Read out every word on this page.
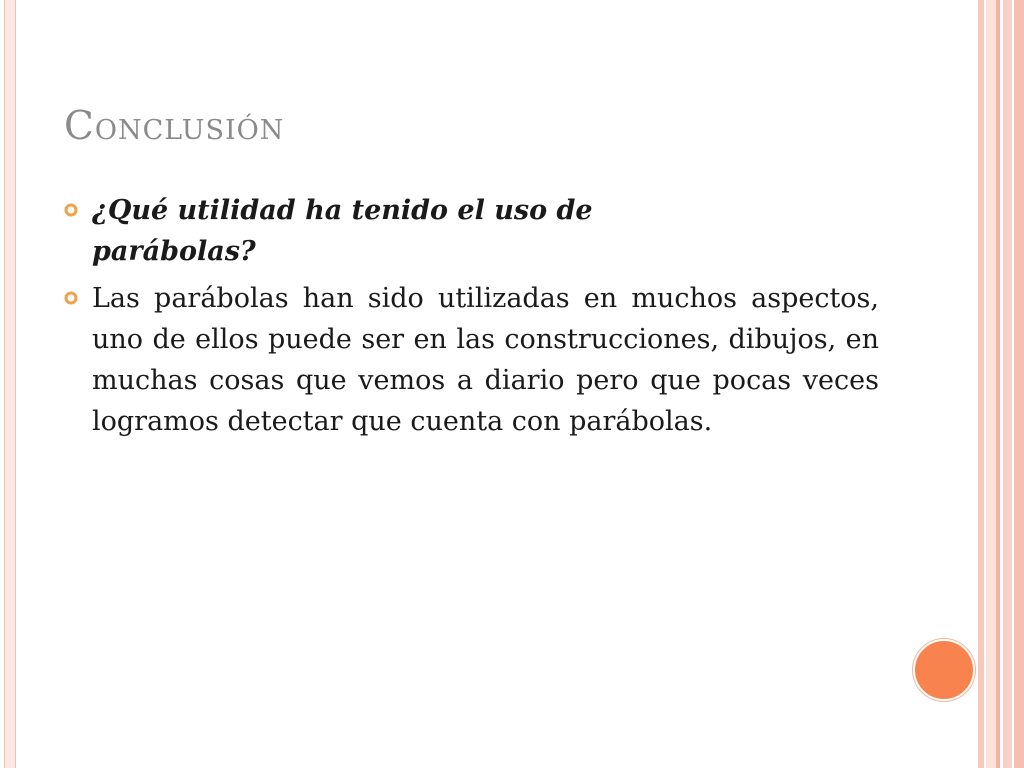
Conclusión
¿Qué utilidad ha tenido el uso de parábolas?
Las parábolas han sido utilizadas en muchos aspectos, uno de ellos puede ser en las construcciones, dibujos, en muchas cosas que vemos a diario pero que pocas veces logramos detectar que cuenta con parábolas.
